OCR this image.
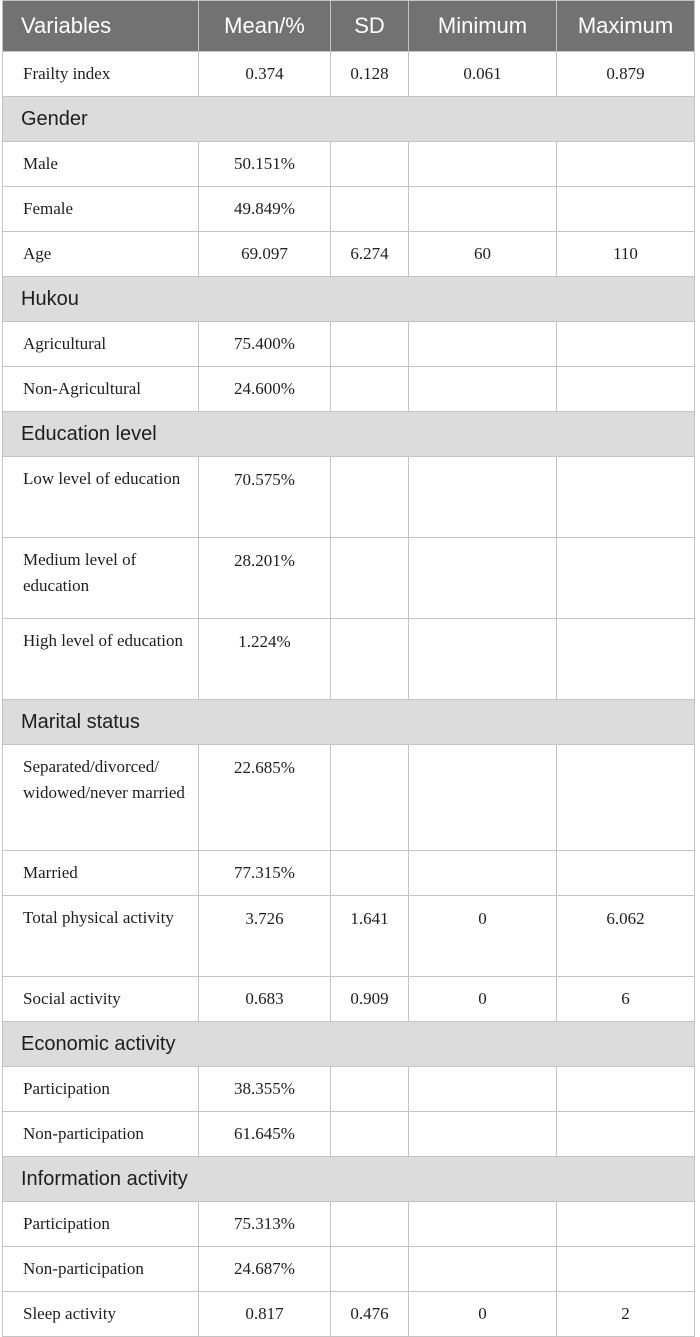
Variables	Mean/%	SD	Minimum	Maximum
Frailty index	0.374	0.128	0.061	0.879
Gender				
Male	50.151%			
Female	49.849%			
Age	69.097	6.274	60	110
Hukou				
Agricultural	75.400%			
Non-Agricultural	24.600%			
Education level				
Low level of education	70.575%			
Medium level of education	28.201%			
High level of education	1.224%			
Marital status				
Separated/divorced/ widowed/never married	22.685%			
Married	77.315%			
Total physical activity	3.726	1.641	0	6.062
Social activity	0.683	0.909	0	6
Economic activity				
Participation	38.355%			
Non-participation	61.645%			
Information activity				
Participation	75.313%			
Non-participation	24.687%			
Sleep activity	0.817	0.476	0	2
